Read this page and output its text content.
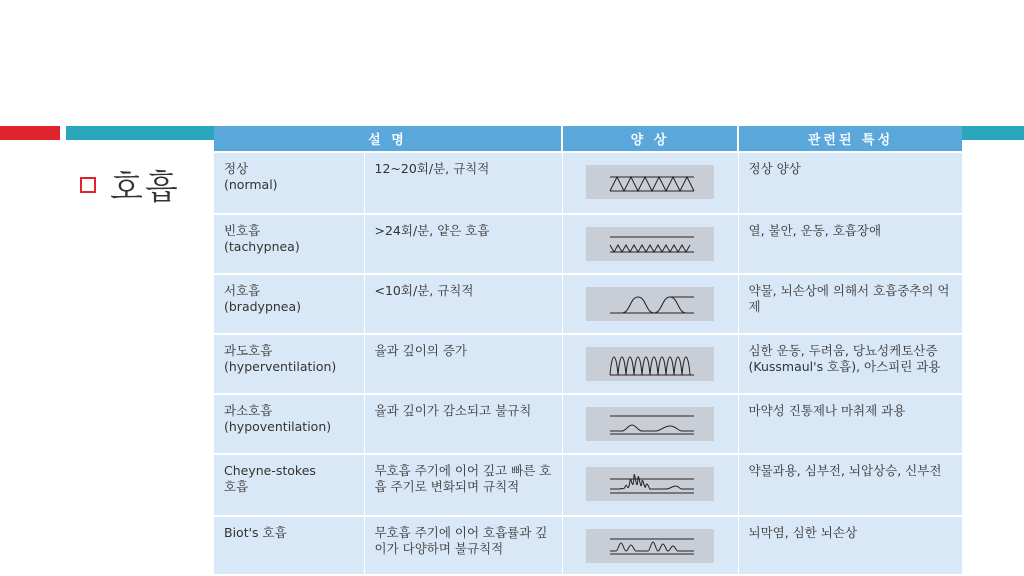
호흡
설 명		양 상	관련된 특성

정상
(normal)	12~20회/분, 규칙적		정상 양상

빈호흡
(tachypnea)	>24회/분, 얕은 호흡		열, 불안, 운동, 호흡장애

서호흡
(bradypnea)	<10회/분, 규칙적		약물, 뇌손상에 의해서 호흡중추의 억제

과도호흡
(hyperventilation)	율과 깊이의 증가		심한 운동, 두려움, 당뇨성케토산증(Kussmaul's 호흡), 아스피린 과용

과소호흡
(hypoventilation)	율과 깊이가 감소되고 불규칙		마약성 진통제나 마취제 과용

Cheyne-stokes
호흡	무호흡 주기에 이어 깊고 빠른 호흡 주기로 변화되며 규칙적		약물과용, 심부전, 뇌압상승, 신부전

Biot's 호흡	무호흡 주기에 이어 호흡률과 깊이가 다양하며 불규칙적		뇌막염, 심한 뇌손상
